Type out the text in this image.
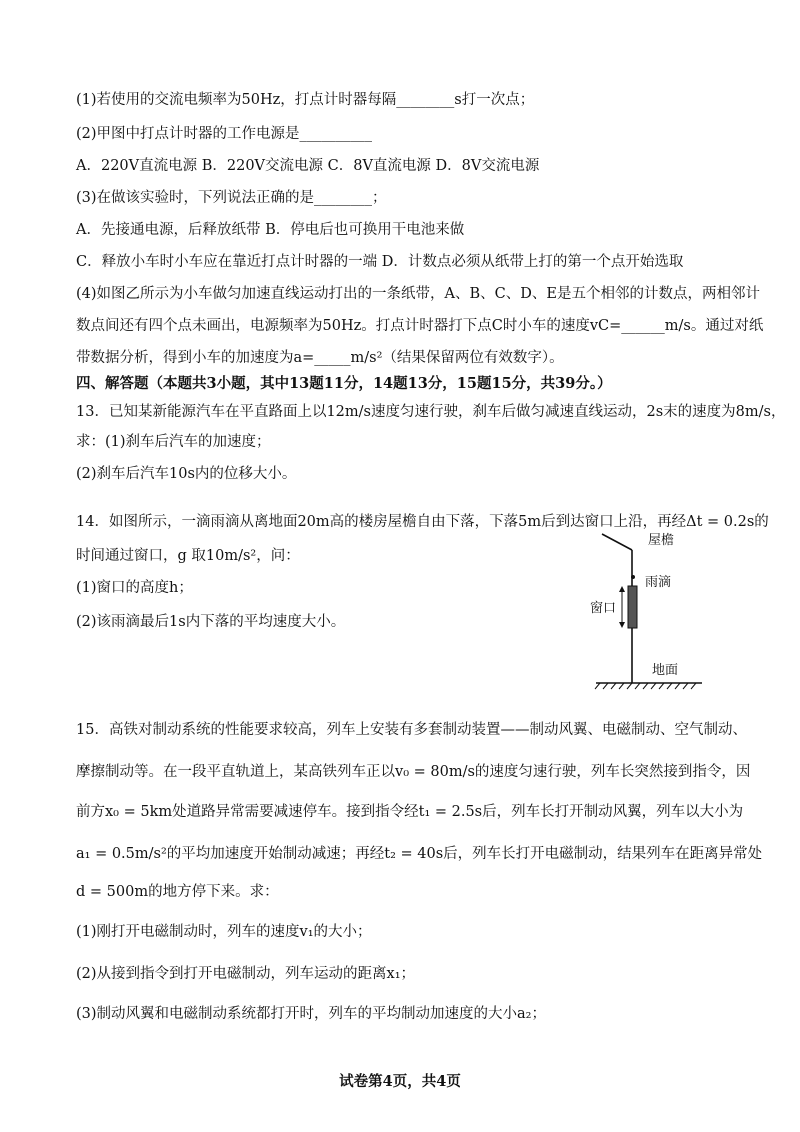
(1)若使用的交流电频率为50Hz，打点计时器每隔________s打一次点；
(2)甲图中打点计时器的工作电源是__________
A．220V直流电源 B．220V交流电源 C．8V直流电源 D．8V交流电源
(3)在做该实验时，下列说法正确的是________；
A．先接通电源，后释放纸带 B．停电后也可换用干电池来做
C．释放小车时小车应在靠近打点计时器的一端 D．计数点必须从纸带上打的第一个点开始选取
(4)如图乙所示为小车做匀加速直线运动打出的一条纸带，A、B、C、D、E是五个相邻的计数点，两相邻计
数点间还有四个点未画出，电源频率为50Hz。打点计时器打下点C时小车的速度vC=______m/s。通过对纸
带数据分析，得到小车的加速度为a=_____m/s²（结果保留两位有效数字）。
四、解答题（本题共3小题，其中13题11分，14题13分，15题15分，共39分。）
13．已知某新能源汽车在平直路面上以12m/s速度匀速行驶，刹车后做匀减速直线运动，2s末的速度为8m/s，
求：(1)刹车后汽车的加速度；
(2)刹车后汽车10s内的位移大小。
14．如图所示，一滴雨滴从离地面20m高的楼房屋檐自由下落，下落5m后到达窗口上沿，再经Δt = 0.2s的
时间通过窗口，g 取10m/s²，问：
(1)窗口的高度h；
(2)该雨滴最后1s内下落的平均速度大小。
15．高铁对制动系统的性能要求较高，列车上安装有多套制动装置——制动风翼、电磁制动、空气制动、
摩擦制动等。在一段平直轨道上，某高铁列车正以v₀ = 80m/s的速度匀速行驶，列车长突然接到指令，因
前方x₀ = 5km处道路异常需要减速停车。接到指令经t₁ = 2.5s后，列车长打开制动风翼，列车以大小为
a₁ = 0.5m/s²的平均加速度开始制动减速；再经t₂ = 40s后，列车长打开电磁制动，结果列车在距离异常处
d = 500m的地方停下来。求：
(1)刚打开电磁制动时，列车的速度v₁的大小；
(2)从接到指令到打开电磁制动，列车运动的距离x₁；
(3)制动风翼和电磁制动系统都打开时，列车的平均制动加速度的大小a₂；
屋檐
雨滴
窗口
地面
试卷第4页，共4页
